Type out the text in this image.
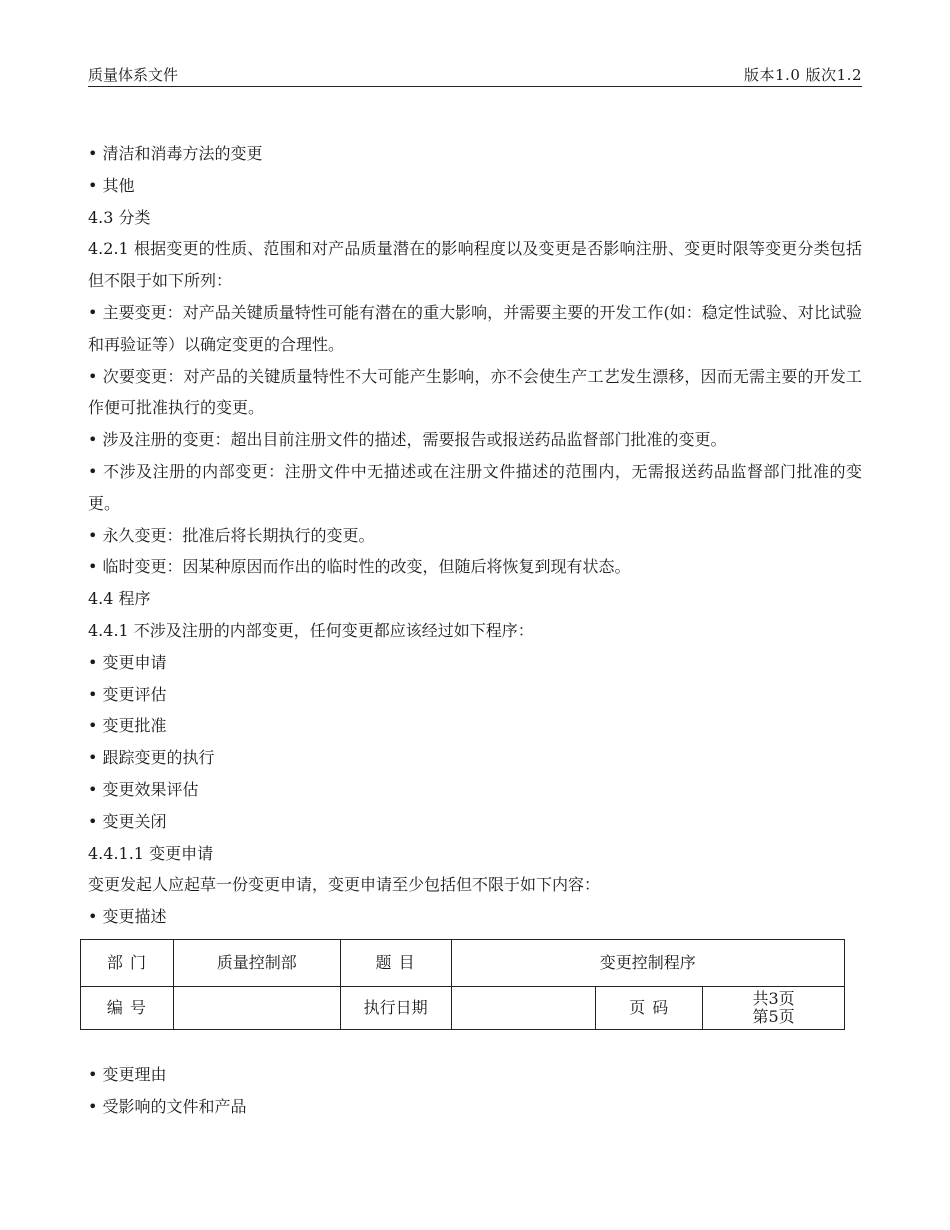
质量体系文件	版本1.0 版次1.2
• 清洁和消毒方法的变更
• 其他
4.3 分类
4.2.1 根据变更的性质、范围和对产品质量潜在的影响程度以及变更是否影响注册、变更时限等变更分类包括但不限于如下所列：
• 主要变更：对产品关键质量特性可能有潜在的重大影响，并需要主要的开发工作(如：稳定性试验、对比试验和再验证等）以确定变更的合理性。
• 次要变更：对产品的关键质量特性不大可能产生影响，亦不会使生产工艺发生漂移，因而无需主要的开发工作便可批准执行的变更。
• 涉及注册的变更：超出目前注册文件的描述，需要报告或报送药品监督部门批准的变更。
• 不涉及注册的内部变更：注册文件中无描述或在注册文件描述的范围内，无需报送药品监督部门批准的变更。
• 永久变更：批准后将长期执行的变更。
• 临时变更：因某种原因而作出的临时性的改变，但随后将恢复到现有状态。
4.4 程序
4.4.1 不涉及注册的内部变更，任何变更都应该经过如下程序：
• 变更申请
• 变更评估
• 变更批准
• 跟踪变更的执行
• 变更效果评估
• 变更关闭
4.4.1.1 变更申请
变更发起人应起草一份变更申请，变更申请至少包括但不限于如下内容：
• 变更描述
部 门	质量控制部	题 目	变更控制程序		
编 号		执行日期		页 码	共3页
第5页
• 变更理由
• 受影响的文件和产品
